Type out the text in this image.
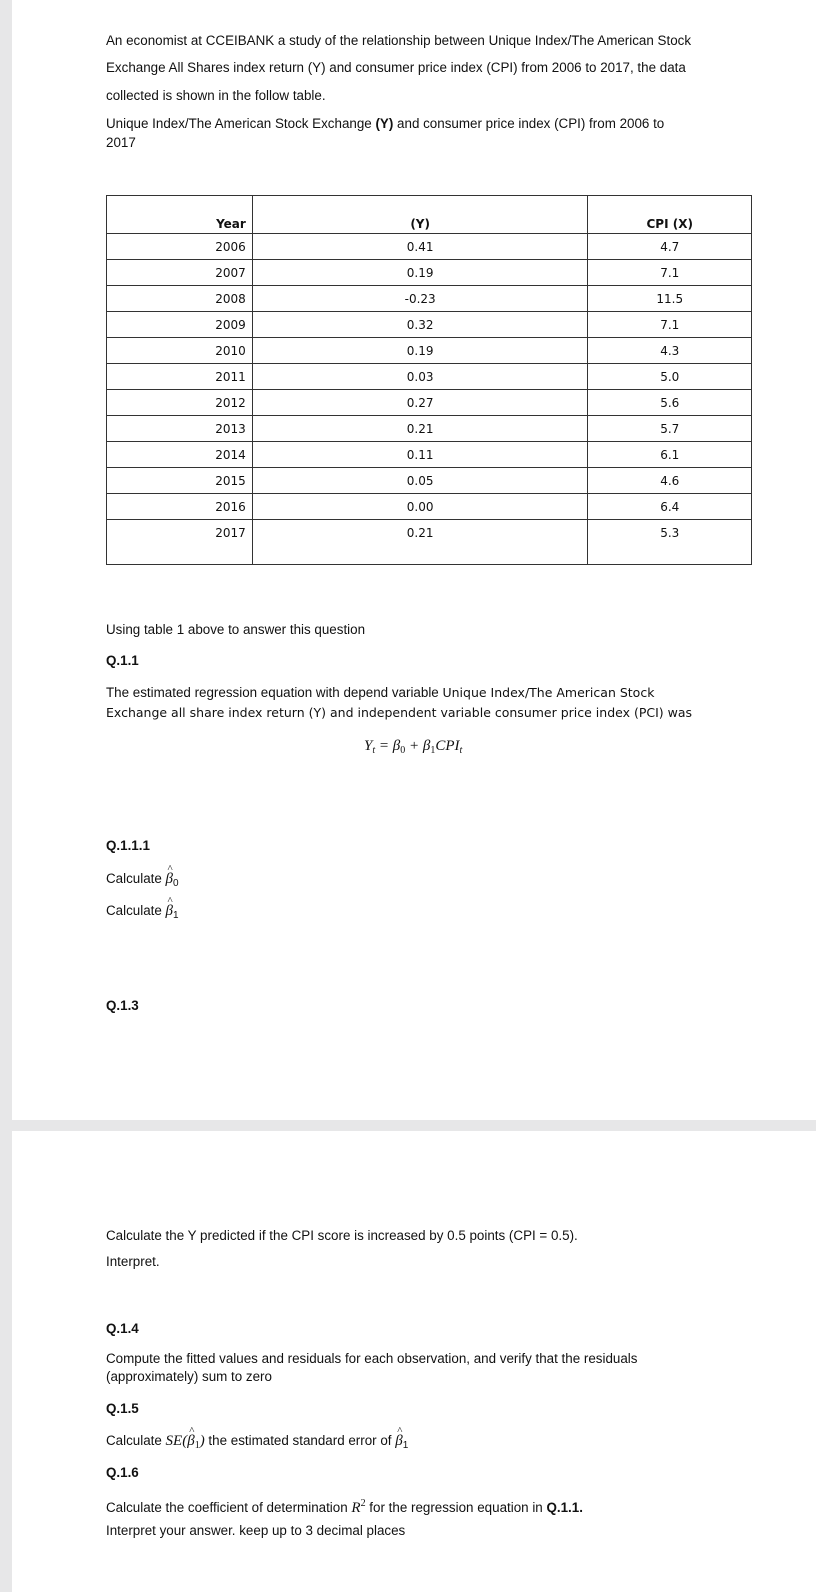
An economist at CCEIBANK a study of the relationship between Unique Index/The American Stock
Exchange All Shares index return (Y) and consumer price index (CPI) from 2006 to 2017, the data
collected is shown in the follow table.
Unique Index/The American Stock Exchange (Y) and consumer price index (CPI) from 2006 to
2017
Year	(Y)	CPI (X)
2006	0.41	4.7
2007	0.19	7.1
2008	-0.23	11.5
2009	0.32	7.1
2010	0.19	4.3
2011	0.03	5.0
2012	0.27	5.6
2013	0.21	5.7
2014	0.11	6.1
2015	0.05	4.6
2016	0.00	6.4
2017	0.21	5.3
Using table 1 above to answer this question
Q.1.1
The estimated regression equation with depend variable Unique Index/The American Stock
Exchange all share index return (Y) and independent variable consumer price index (PCI) was
$Y_t = \beta_0 + \beta_1CPI_t$
Q.1.1.1
Calculate ^ $\beta_0$
Calculate ^ $\beta_1$
Q.1.3
Calculate the Y predicted if the CPI score is increased by 0.5 points (CPI = 0.5).
Interpret.
Q.1.4
Compute the fitted values and residuals for each observation, and verify that the residuals
(approximately) sum to zero
Q.1.5
Calculate SE(^ $\beta_1$) the estimated standard error of ^ $\beta_1$
Q.1.6
Calculate the coefficient of determination $R^2$ for the regression equation in Q.1.1.
Interpret your answer. keep up to 3 decimal places
